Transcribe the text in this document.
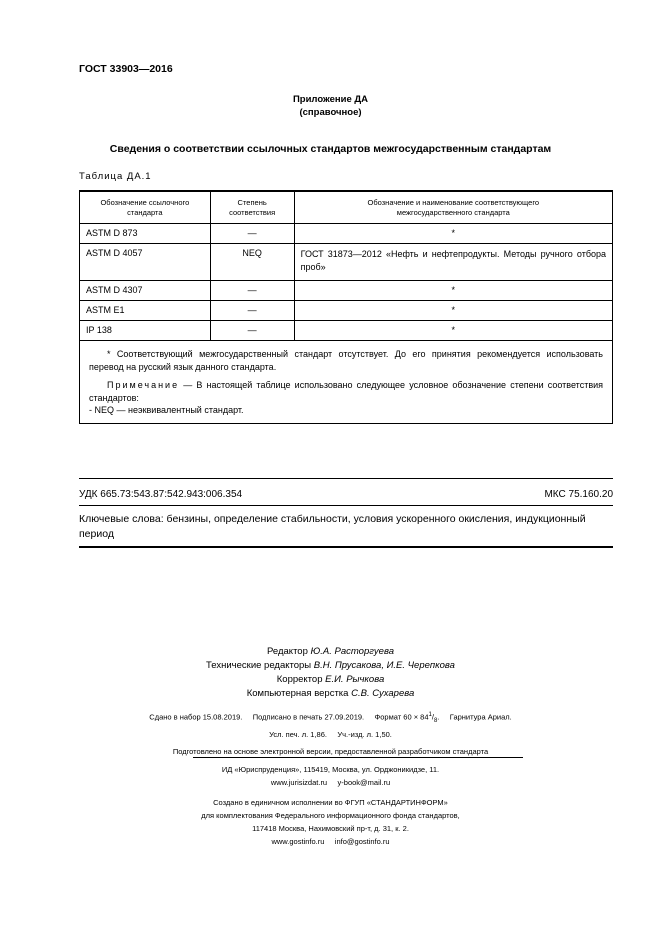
ГОСТ 33903—2016
Приложение ДА
(справочное)
Сведения о соответствии ссылочных стандартов межгосударственным стандартам
Таблица ДА.1
Обозначение ссылочного стандарта	Степень соответствия	Обозначение и наименование соответствующего межгосударственного стандарта
ASTM D 873	—	*
ASTM D 4057	NEQ	ГОСТ 31873—2012 «Нефть и нефтепродукты. Методы ручного отбора проб»
ASTM D 4307	—	*
ASTM E1	—	*
IP 138	—	*

* Соответствующий межгосударственный стандарт отсутствует. До его принятия рекомендуется использовать перевод на русский язык данного стандарта.

Примечание — В настоящей таблице использовано следующее условное обозначение степени соответствия стандартов:

- NEQ — неэквивалентный стандарт.		

УДК 665.73:543.87:542.943:006.354	МКС 75.160.20
Ключевые слова: бензины, определение стабильности, условия ускоренного окисления, индукционный период
Редактор Ю.А. Расторгуева
Технические редакторы В.Н. Прусакова, И.Е. Черепкова
Корректор Е.И. Рычкова
Компьютерная верстка С.В. Сухарева
Сдано в набор 15.08.2019.     Подписано в печать 27.09.2019.     Формат $60 \times 84^1/_8$.     Гарнитура Ариал.
Усл. печ. л. 1,86.     Уч.-изд. л. 1,50.
Подготовлено на основе электронной версии, предоставленной разработчиком стандарта
ИД «Юриспруденция», 115419, Москва, ул. Орджоникидзе, 11.
www.jurisizdat.ru     y-book@mail.ru
Создано в единичном исполнении во ФГУП «СТАНДАРТИНФОРМ»
для комплектования Федерального информационного фонда стандартов,
117418 Москва, Нахимовский пр-т, д. 31, к. 2.
www.gostinfo.ru     info@gostinfo.ru
